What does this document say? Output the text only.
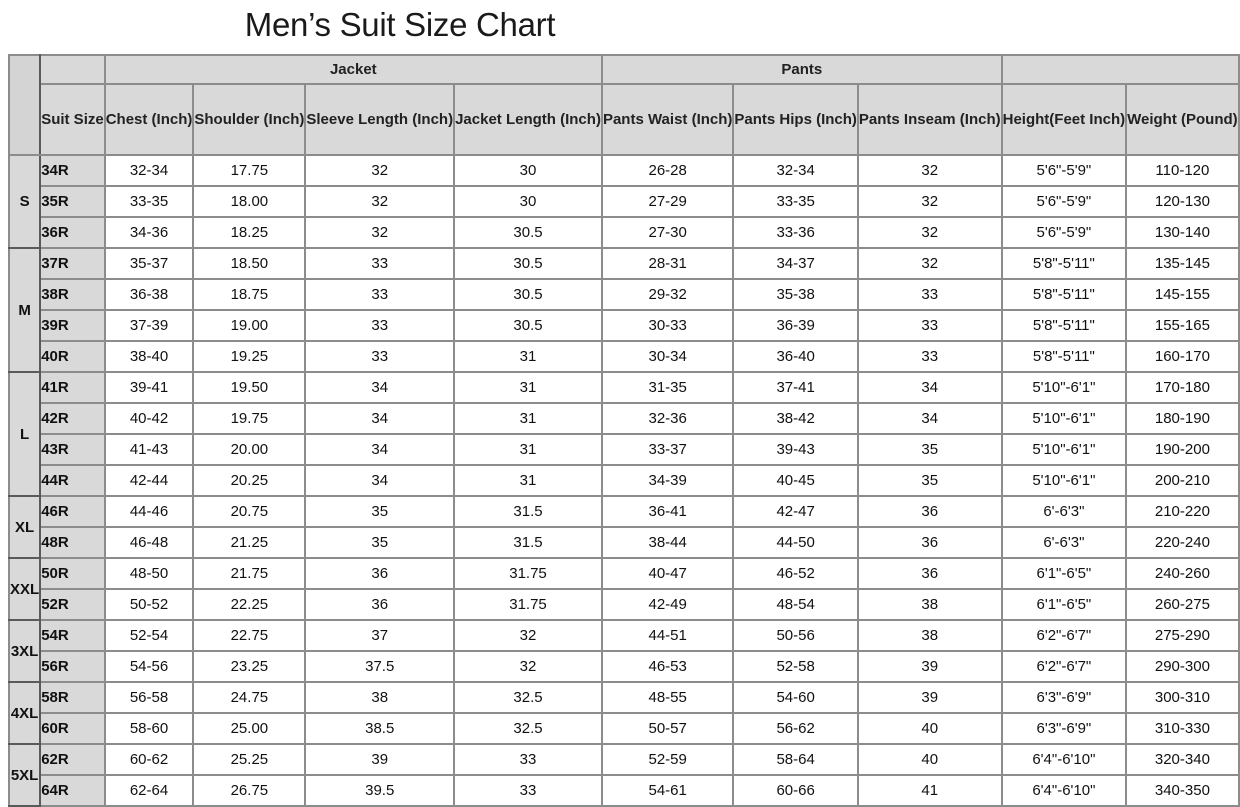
Men’s Suit Size Chart
		Jacket				Pants				
	Suit Size	Chest (Inch)	Shoulder (Inch)	Sleeve Length (Inch)	Jacket Length (Inch)	Pants Waist (Inch)	Pants Hips (Inch)	Pants Inseam (Inch)	Height(Feet Inch)	Weight (Pound)
S	34R	32-34	17.75	32	30	26-28	32-34	32	5'6"-5'9"	110-120
	35R	33-35	18.00	32	30	27-29	33-35	32	5'6"-5'9"	120-130
	36R	34-36	18.25	32	30.5	27-30	33-36	32	5'6"-5'9"	130-140
M	37R	35-37	18.50	33	30.5	28-31	34-37	32	5'8"-5'11"	135-145
	38R	36-38	18.75	33	30.5	29-32	35-38	33	5'8"-5'11"	145-155
	39R	37-39	19.00	33	30.5	30-33	36-39	33	5'8"-5'11"	155-165
	40R	38-40	19.25	33	31	30-34	36-40	33	5'8"-5'11"	160-170
L	41R	39-41	19.50	34	31	31-35	37-41	34	5'10"-6'1"	170-180
	42R	40-42	19.75	34	31	32-36	38-42	34	5'10"-6'1"	180-190
	43R	41-43	20.00	34	31	33-37	39-43	35	5'10"-6'1"	190-200
	44R	42-44	20.25	34	31	34-39	40-45	35	5'10"-6'1"	200-210
XL	46R	44-46	20.75	35	31.5	36-41	42-47	36	6'-6'3"	210-220
	48R	46-48	21.25	35	31.5	38-44	44-50	36	6'-6'3"	220-240
XXL	50R	48-50	21.75	36	31.75	40-47	46-52	36	6'1"-6'5"	240-260
	52R	50-52	22.25	36	31.75	42-49	48-54	38	6'1"-6'5"	260-275
3XL	54R	52-54	22.75	37	32	44-51	50-56	38	6'2"-6'7"	275-290
	56R	54-56	23.25	37.5	32	46-53	52-58	39	6'2"-6'7"	290-300
4XL	58R	56-58	24.75	38	32.5	48-55	54-60	39	6'3"-6'9"	300-310
	60R	58-60	25.00	38.5	32.5	50-57	56-62	40	6'3"-6'9"	310-330
5XL	62R	60-62	25.25	39	33	52-59	58-64	40	6'4"-6'10"	320-340
	64R	62-64	26.75	39.5	33	54-61	60-66	41	6'4"-6'10"	340-350
